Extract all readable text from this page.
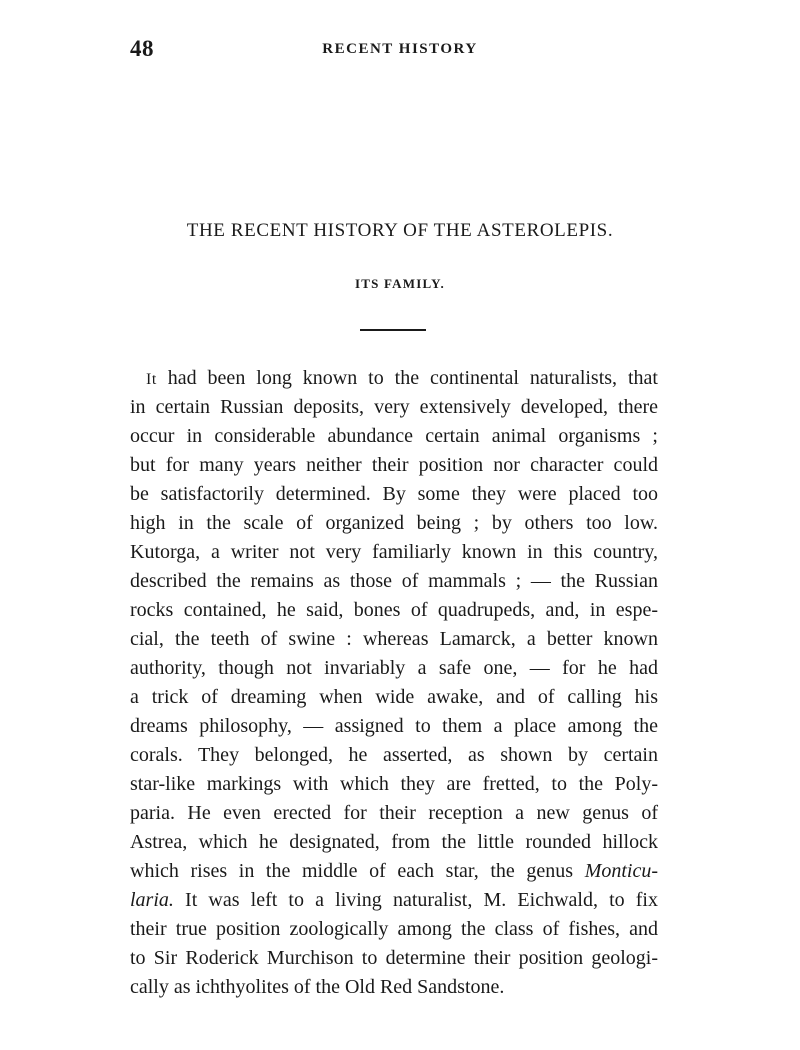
48	RECENT HISTORY
THE RECENT HISTORY OF THE ASTEROLEPIS.
ITS FAMILY.
It had been long known to the continental naturalists, that
in certain Russian deposits, very extensively developed, there
occur in considerable abundance certain animal organisms ;
but for many years neither their position nor character could
be satisfactorily determined. By some they were placed too
high in the scale of organized being ; by others too low.
Kutorga, a writer not very familiarly known in this country,
described the remains as those of mammals ; — the Russian
rocks contained, he said, bones of quadrupeds, and, in espe-
cial, the teeth of swine : whereas Lamarck, a better known
authority, though not invariably a safe one, — for he had
a trick of dreaming when wide awake, and of calling his
dreams philosophy, — assigned to them a place among the
corals. They belonged, he asserted, as shown by certain
star-like markings with which they are fretted, to the Poly-
paria. He even erected for their reception a new genus of
Astrea, which he designated, from the little rounded hillock
which rises in the middle of each star, the genus Monticu-
laria. It was left to a living naturalist, M. Eichwald, to fix
their true position zoologically among the class of fishes, and
to Sir Roderick Murchison to determine their position geologi-
cally as ichthyolites of the Old Red Sandstone.
